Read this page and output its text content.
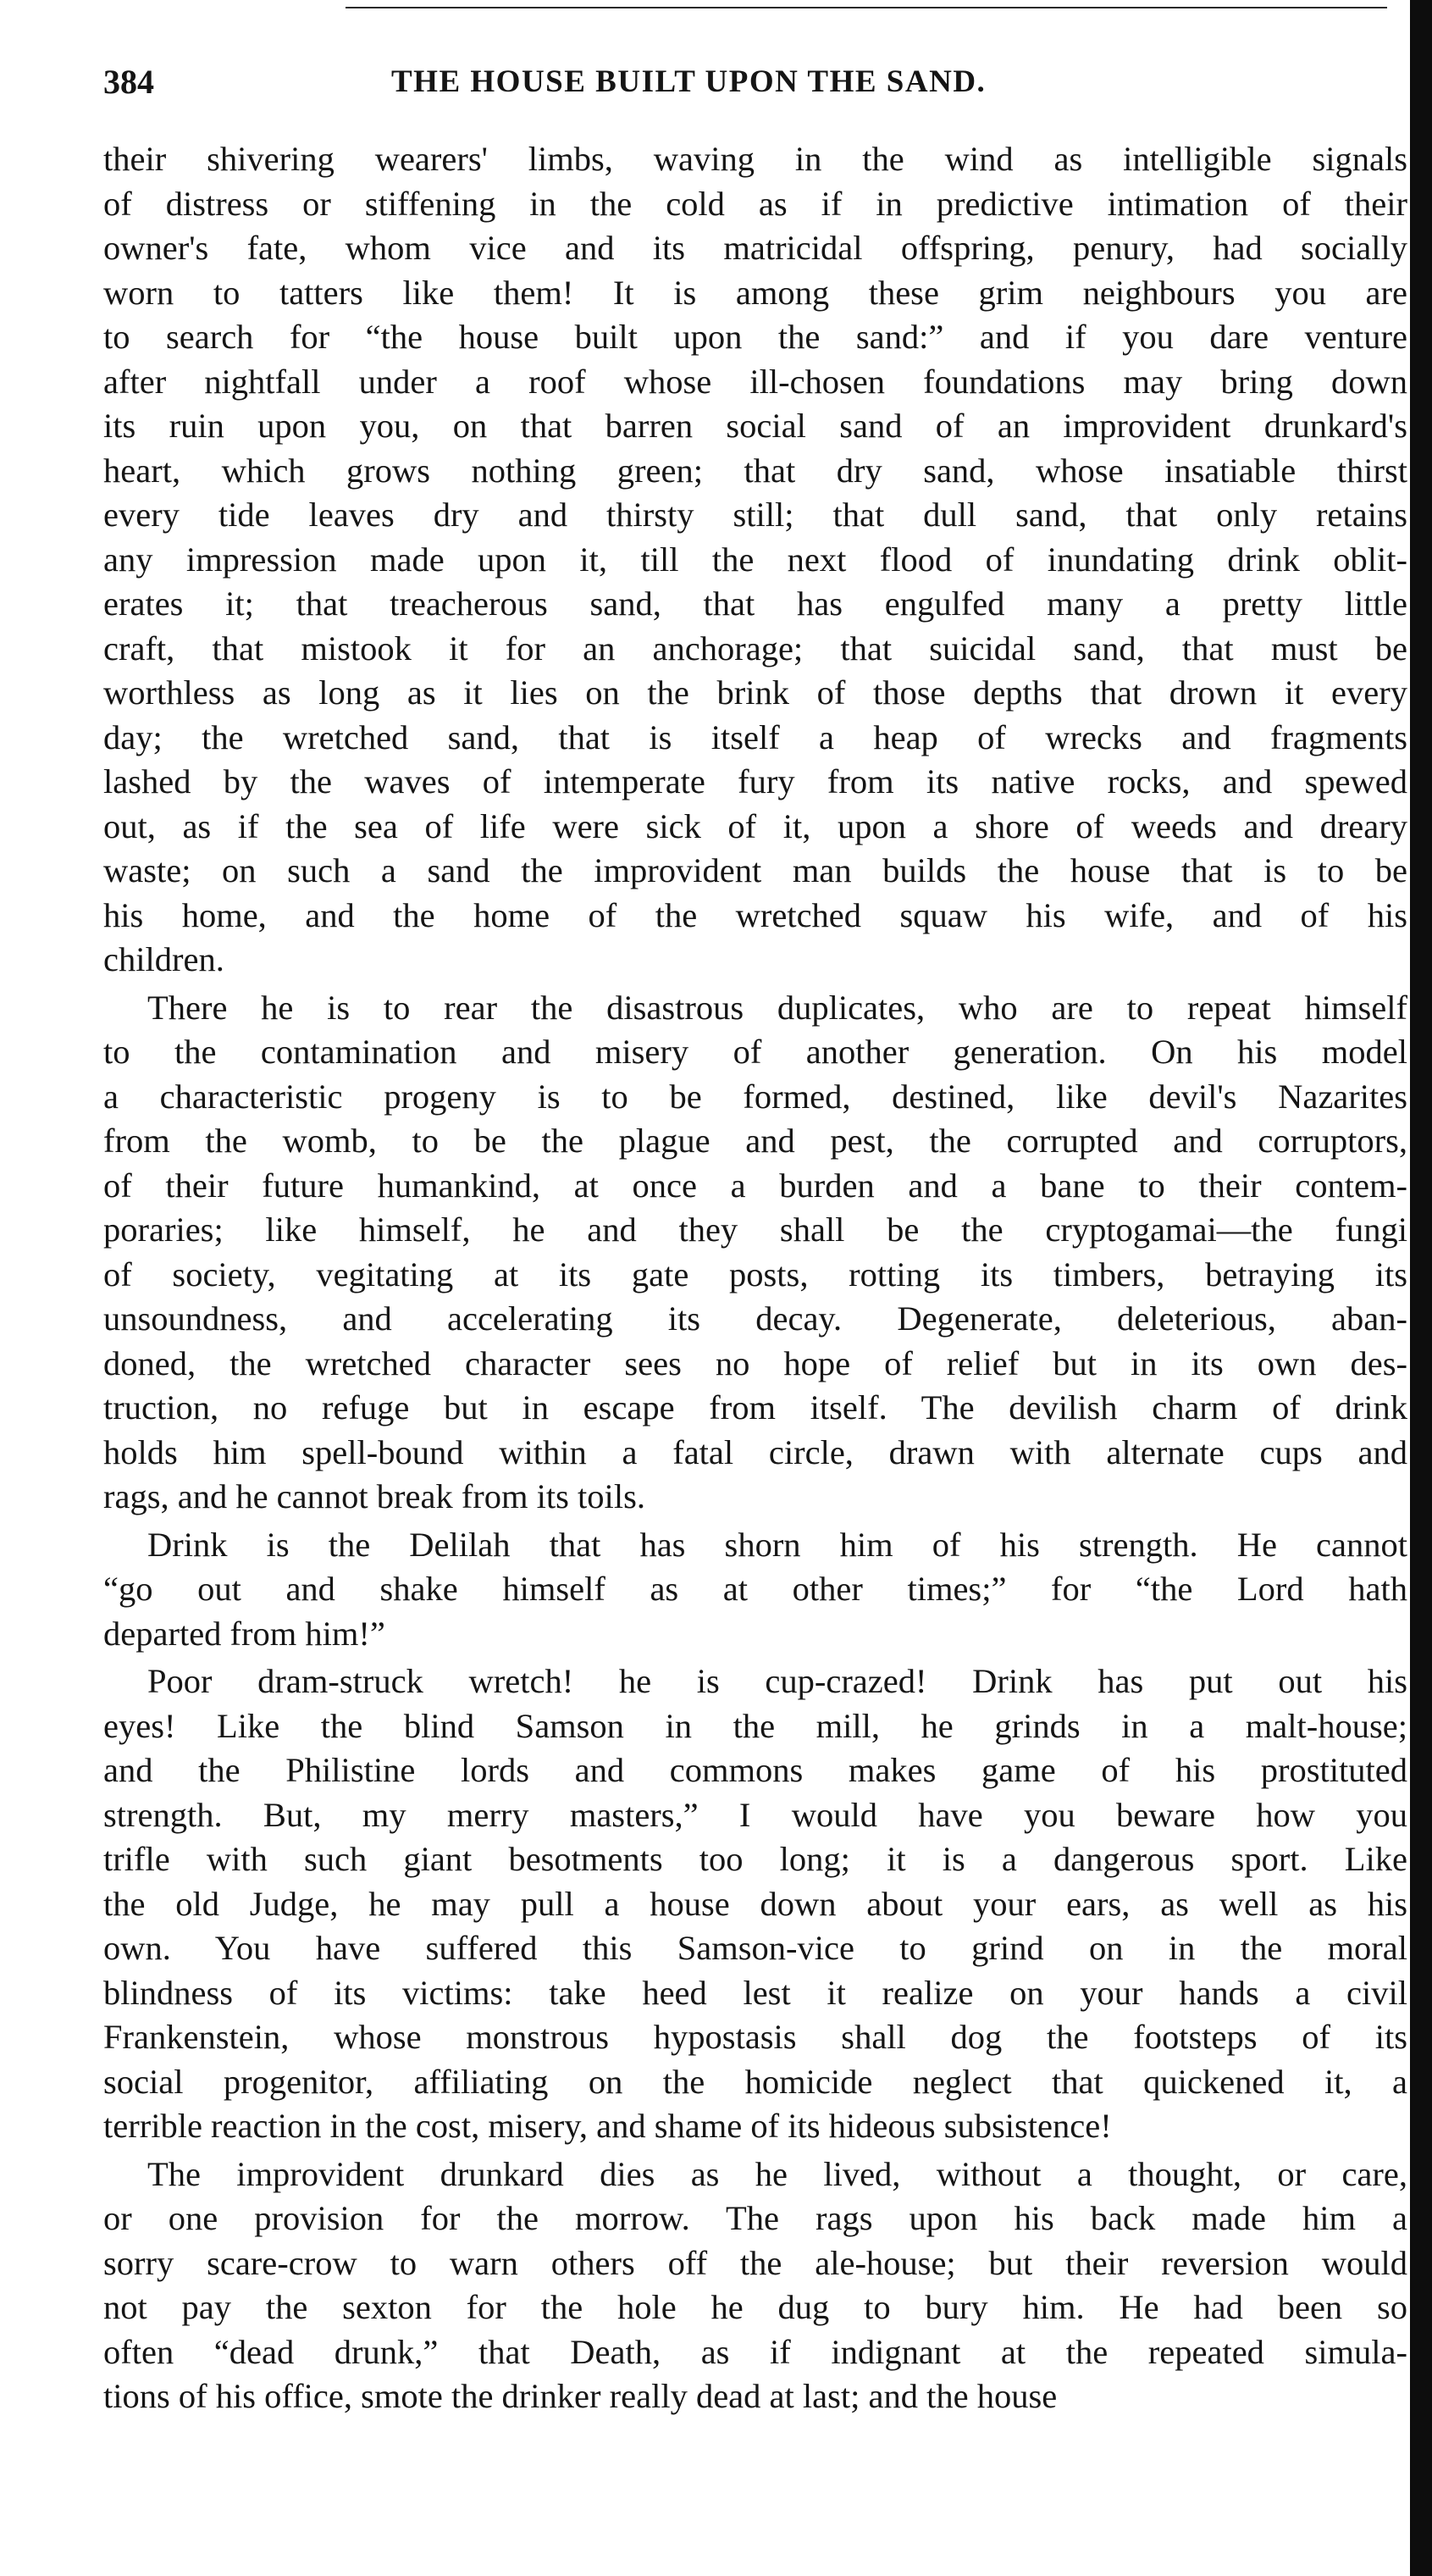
384	THE HOUSE BUILT UPON THE SAND.
their shivering wearers' limbs, waving in the wind as intelligible signals
of distress or stiffening in the cold as if in predictive intimation of their
owner's fate, whom vice and its matricidal offspring, penury, had socially
worn to tatters like them! It is among these grim neighbours you are
to search for “the house built upon the sand:” and if you dare venture
after nightfall under a roof whose ill-chosen foundations may bring down
its ruin upon you, on that barren social sand of an improvident drunkard's
heart, which grows nothing green; that dry sand, whose insatiable thirst
every tide leaves dry and thirsty still; that dull sand, that only retains
any impression made upon it, till the next flood of inundating drink oblit-
erates it; that treacherous sand, that has engulfed many a pretty little
craft, that mistook it for an anchorage; that suicidal sand, that must be
worthless as long as it lies on the brink of those depths that drown it every
day; the wretched sand, that is itself a heap of wrecks and fragments
lashed by the waves of intemperate fury from its native rocks, and spewed
out, as if the sea of life were sick of it, upon a shore of weeds and dreary
waste; on such a sand the improvident man builds the house that is to be
his home, and the home of the wretched squaw his wife, and of his
children.
There he is to rear the disastrous duplicates, who are to repeat himself
to the contamination and misery of another generation. On his model
a characteristic progeny is to be formed, destined, like devil's Nazarites
from the womb, to be the plague and pest, the corrupted and corruptors,
of their future humankind, at once a burden and a bane to their contem-
poraries; like himself, he and they shall be the cryptogamai—the fungi
of society, vegitating at its gate posts, rotting its timbers, betraying its
unsoundness, and accelerating its decay. Degenerate, deleterious, aban-
doned, the wretched character sees no hope of relief but in its own des-
truction, no refuge but in escape from itself. The devilish charm of drink
holds him spell-bound within a fatal circle, drawn with alternate cups and
rags, and he cannot break from its toils.
Drink is the Delilah that has shorn him of his strength. He cannot
“go out and shake himself as at other times;” for “the Lord hath
departed from him!”
Poor dram-struck wretch! he is cup-crazed! Drink has put out his
eyes! Like the blind Samson in the mill, he grinds in a malt-house;
and the Philistine lords and commons makes game of his prostituted
strength. But, my merry masters,” I would have you beware how you
trifle with such giant besotments too long; it is a dangerous sport. Like
the old Judge, he may pull a house down about your ears, as well as his
own. You have suffered this Samson-vice to grind on in the moral
blindness of its victims: take heed lest it realize on your hands a civil
Frankenstein, whose monstrous hypostasis shall dog the footsteps of its
social progenitor, affiliating on the homicide neglect that quickened it, a
terrible reaction in the cost, misery, and shame of its hideous subsistence!
The improvident drunkard dies as he lived, without a thought, or care,
or one provision for the morrow. The rags upon his back made him a
sorry scare-crow to warn others off the ale-house; but their reversion would
not pay the sexton for the hole he dug to bury him. He had been so
often “dead drunk,” that Death, as if indignant at the repeated simula-
tions of his office, smote the drinker really dead at last; and the house
